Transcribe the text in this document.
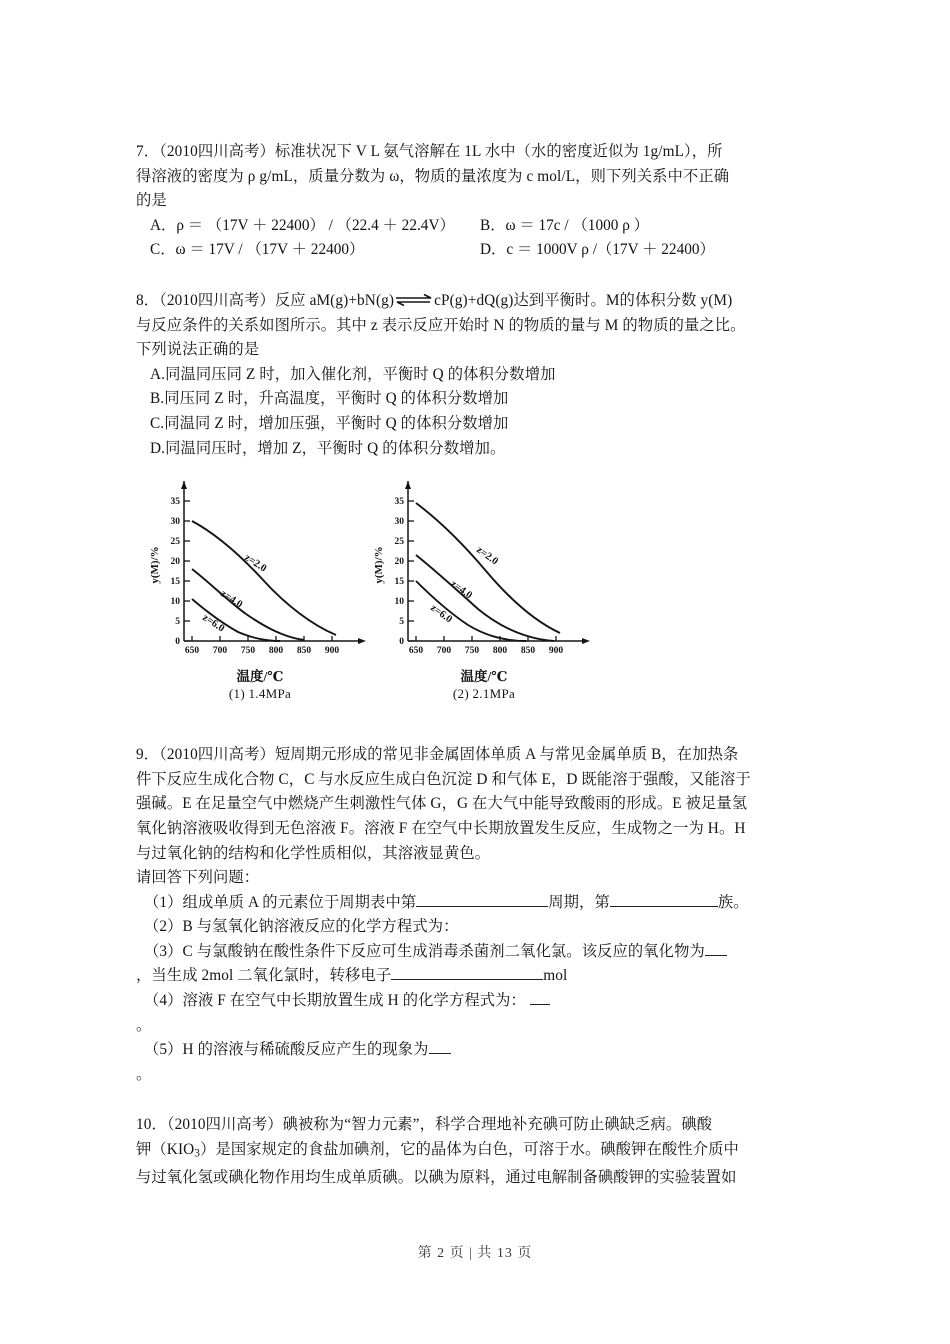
7．（2010四川高考）标准状况下 V L 氨气溶解在 1L 水中（水的密度近似为 1g/mL），所
得溶液的密度为 ρ g/mL，质量分数为 ω，物质的量浓度为 c mol/L，则下列关系中不正确
的是
A．ρ ＝ （17V ＋ 22400） / （22.4 ＋ 22.4V）	B．ω ＝ 17c / （1000 ρ ）
C．ω ＝ 17V / （17V ＋ 22400）	D．c ＝ 1000V ρ /（17V ＋ 22400）
8．（2010四川高考）反应 aM(g)+bN(g)⇌cP(g)+dQ(g)达到平衡时。M的体积分数 y(M)
与反应条件的关系如图所示。其中 z 表示反应开始时 N 的物质的量与 M 的物质的量之比。
下列说法正确的是
A.同温同压同 Z 时，加入催化剂，平衡时 Q 的体积分数增加
B.同压同 Z 时，升高温度，平衡时 Q 的体积分数增加
C.同温同 Z 时，增加压强，平衡时 Q 的体积分数增加
D.同温同压时，增加 Z，平衡时 Q 的体积分数增加。
0
5
10
15
20
25
30
35
650 700 750 800 850 900
y(M)/%	z=2.0
z=4.0
z=6.0
温度/℃
(1) 1.4MPa
0
5
10
15
20
25
30
35
650 700 750 800 850 900
y(M)/%	z=2.0
z=4.0
z=6.0
温度/℃
(2) 2.1MPa
9．（2010四川高考）短周期元形成的常见非金属固体单质 A 与常见金属单质 B，在加热条
件下反应生成化合物 C，C 与水反应生成白色沉淀 D 和气体 E，D 既能溶于强酸，又能溶于
强碱。E 在足量空气中燃烧产生刺激性气体 G，G 在大气中能导致酸雨的形成。E 被足量氢
氧化钠溶液吸收得到无色溶液 F。溶液 F 在空气中长期放置发生反应，生成物之一为 H。H
与过氧化钠的结构和化学性质相似，其溶液显黄色。
请回答下列问题：
（1）组成单质 A 的元素位于周期表中第	周期，第	族。
（2）B 与氢氧化钠溶液反应的化学方程式为：
（3）C 与氯酸钠在酸性条件下反应可生成消毒杀菌剂二氧化氯。该反应的氧化物为
，当生成 2mol 二氧化氯时，转移电子	mol
（4）溶液 F 在空气中长期放置生成 H 的化学方程式为：
。
（5）H 的溶液与稀硫酸反应产生的现象为
。
10．（2010四川高考）碘被称为“智力元素”，科学合理地补充碘可防止碘缺乏病。碘酸
钾$(KIO_3)$是国家规定的食盐加碘剂，它的晶体为白色，可溶于水。碘酸钾在酸性介质中
与过氧化氢或碘化物作用均生成单质碘。以碘为原料，通过电解制备碘酸钾的实验装置如
第 2 页 | 共 13 页
